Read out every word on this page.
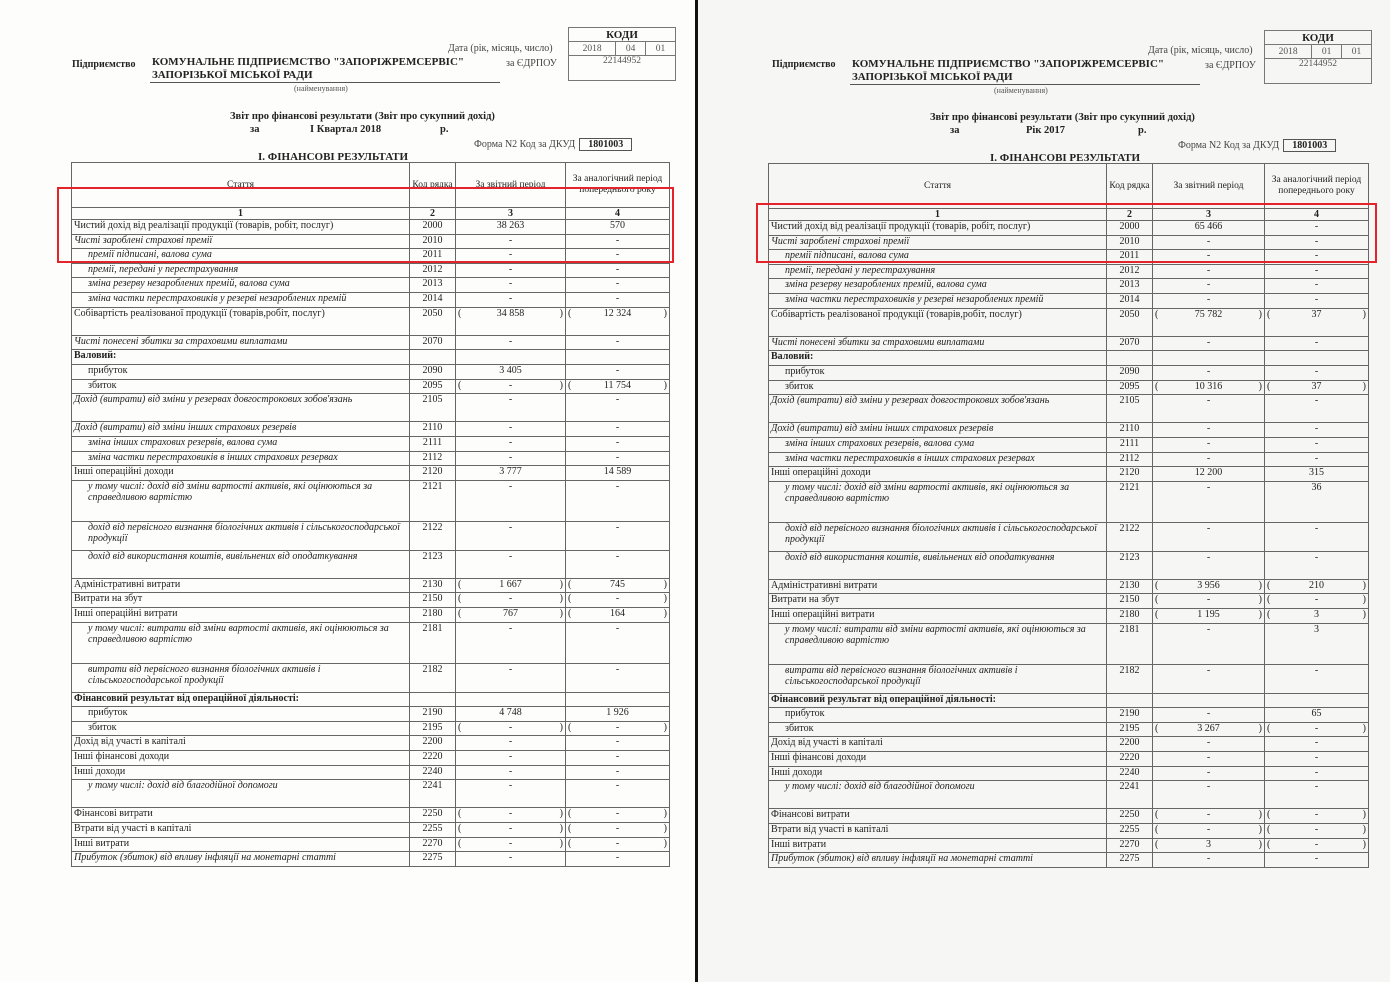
КОДИ
2018	04	01
22144952
Дата (рік, місяць, число)
за ЄДРПОУ
Підприємство КОМУНАЛЬНЕ ПІДПРИЄМСТВО "ЗАПОРІЖРЕМСЕРВІС"
ЗАПОРІЗЬКОЇ МІСЬКОЇ РАДИ
(найменування)
Звіт про фінансові результати (Звіт про сукупний дохід)
за	I Квартал 2018	р.
Форма N2 Код за ДКУД 1801003
I. ФІНАНСОВІ РЕЗУЛЬТАТИ
Стаття	Код рядка	За звітний період	За аналогічний період попереднього року
1	2	3	4
Чистий дохід від реалізації продукції (товарів, робіт, послуг)	2000	38 263	570
Чисті зароблені страхові премії	2010	-	-
премії підписані, валова сума	2011	-	-
премії, передані у перестрахування	2012	-	-
зміна резерву незароблених премій, валова сума	2013	-	-
зміна частки перестраховиків у резерві незароблених премій	2014	-	-
Собівартість реалізованої продукції (товарів,робіт, послуг)	2050	( 34 858 )	( 12 324 )

Чисті понесені збитки за страховими виплатами	2070	-	-
Валовий:			
прибуток	2090	3 405	-
збиток	2095	( - )	( 11 754 )

Дохід (витрати) від зміни у резервах довгострокових зобов'язань	2105	-	-
Дохід (витрати) від зміни інших страхових резервів	2110	-	-
зміна інших страхових резервів, валова сума	2111	-	-
зміна частки перестраховиків в інших страхових резервах	2112	-	-
Інші операційні доходи	2120	3 777	14 589
у тому числі: дохід від зміни вартості активів, які оцінюються за справедливою вартістю	2121	-	-
дохід від первісного визнання біологічних активів і сільськогосподарської продукції	2122	-	-
дохід від використання коштів, вивільнених від оподаткування	2123	-	-
Адміністративні витрати	2130	( 1 667 )	( 745 )

Витрати на збут	2150	( - )	( - )

Інші операційні витрати	2180	( 767 )	( 164 )

у тому числі: витрати від зміни вартості активів, які оцінюються за справедливою вартістю	2181	-	-
витрати від первісного визнання біологічних активів і сільськогосподарської продукції	2182	-	-
Фінансовий результат від операційної діяльності:			
прибуток	2190	4 748	1 926
збиток	2195	( - )	( - )

Дохід від участі в капіталі	2200	-	-
Інші фінансові доходи	2220	-	-
Інші доходи	2240	-	-
у тому числі: дохід від благодійної допомоги	2241	-	-
Фінансові витрати	2250	( - )	( - )

Втрати від участі в капіталі	2255	( - )	( - )

Інші витрати	2270	( - )	( - )

Прибуток (збиток) від впливу інфляції на монетарні статті	2275	-	-
КОДИ
2018	01	01
22144952
Дата (рік, місяць, число)
за ЄДРПОУ
Підприємство КОМУНАЛЬНЕ ПІДПРИЄМСТВО "ЗАПОРІЖРЕМСЕРВІС"
ЗАПОРІЗЬКОЇ МІСЬКОЇ РАДИ
(найменування)
Звіт про фінансові результати (Звіт про сукупний дохід)
за	Рік 2017	р.
Форма N2 Код за ДКУД 1801003
I. ФІНАНСОВІ РЕЗУЛЬТАТИ
Стаття	Код рядка	За звітний період	За аналогічний період попереднього року
1	2	3	4
Чистий дохід від реалізації продукції (товарів, робіт, послуг)	2000	65 466	-
Чисті зароблені страхові премії	2010	-	-
премії підписані, валова сума	2011	-	-
премії, передані у перестрахування	2012	-	-
зміна резерву незароблених премій, валова сума	2013	-	-
зміна частки перестраховиків у резерві незароблених премій	2014	-	-
Собівартість реалізованої продукції (товарів,робіт, послуг)	2050	( 75 782 )	( 37 )

Чисті понесені збитки за страховими виплатами	2070	-	-
Валовий:			
прибуток	2090	-	-
збиток	2095	( 10 316 )	( 37 )

Дохід (витрати) від зміни у резервах довгострокових зобов'язань	2105	-	-
Дохід (витрати) від зміни інших страхових резервів	2110	-	-
зміна інших страхових резервів, валова сума	2111	-	-
зміна частки перестраховиків в інших страхових резервах	2112	-	-
Інші операційні доходи	2120	12 200	315
у тому числі: дохід від зміни вартості активів, які оцінюються за справедливою вартістю	2121	-	36
дохід від первісного визнання біологічних активів і сільськогосподарської продукції	2122	-	-
дохід від використання коштів, вивільнених від оподаткування	2123	-	-
Адміністративні витрати	2130	( 3 956 )	( 210 )

Витрати на збут	2150	( - )	( - )

Інші операційні витрати	2180	( 1 195 )	( 3 )

у тому числі: витрати від зміни вартості активів, які оцінюються за справедливою вартістю	2181	-	3
витрати від первісного визнання біологічних активів і сільськогосподарської продукції	2182	-	-
Фінансовий результат від операційної діяльності:			
прибуток	2190	-	65
збиток	2195	( 3 267 )	( - )

Дохід від участі в капіталі	2200	-	-
Інші фінансові доходи	2220	-	-
Інші доходи	2240	-	-
у тому числі: дохід від благодійної допомоги	2241	-	-
Фінансові витрати	2250	( - )	( - )

Втрати від участі в капіталі	2255	( - )	( - )

Інші витрати	2270	( 3 )	( - )

Прибуток (збиток) від впливу інфляції на монетарні статті	2275	-	-
